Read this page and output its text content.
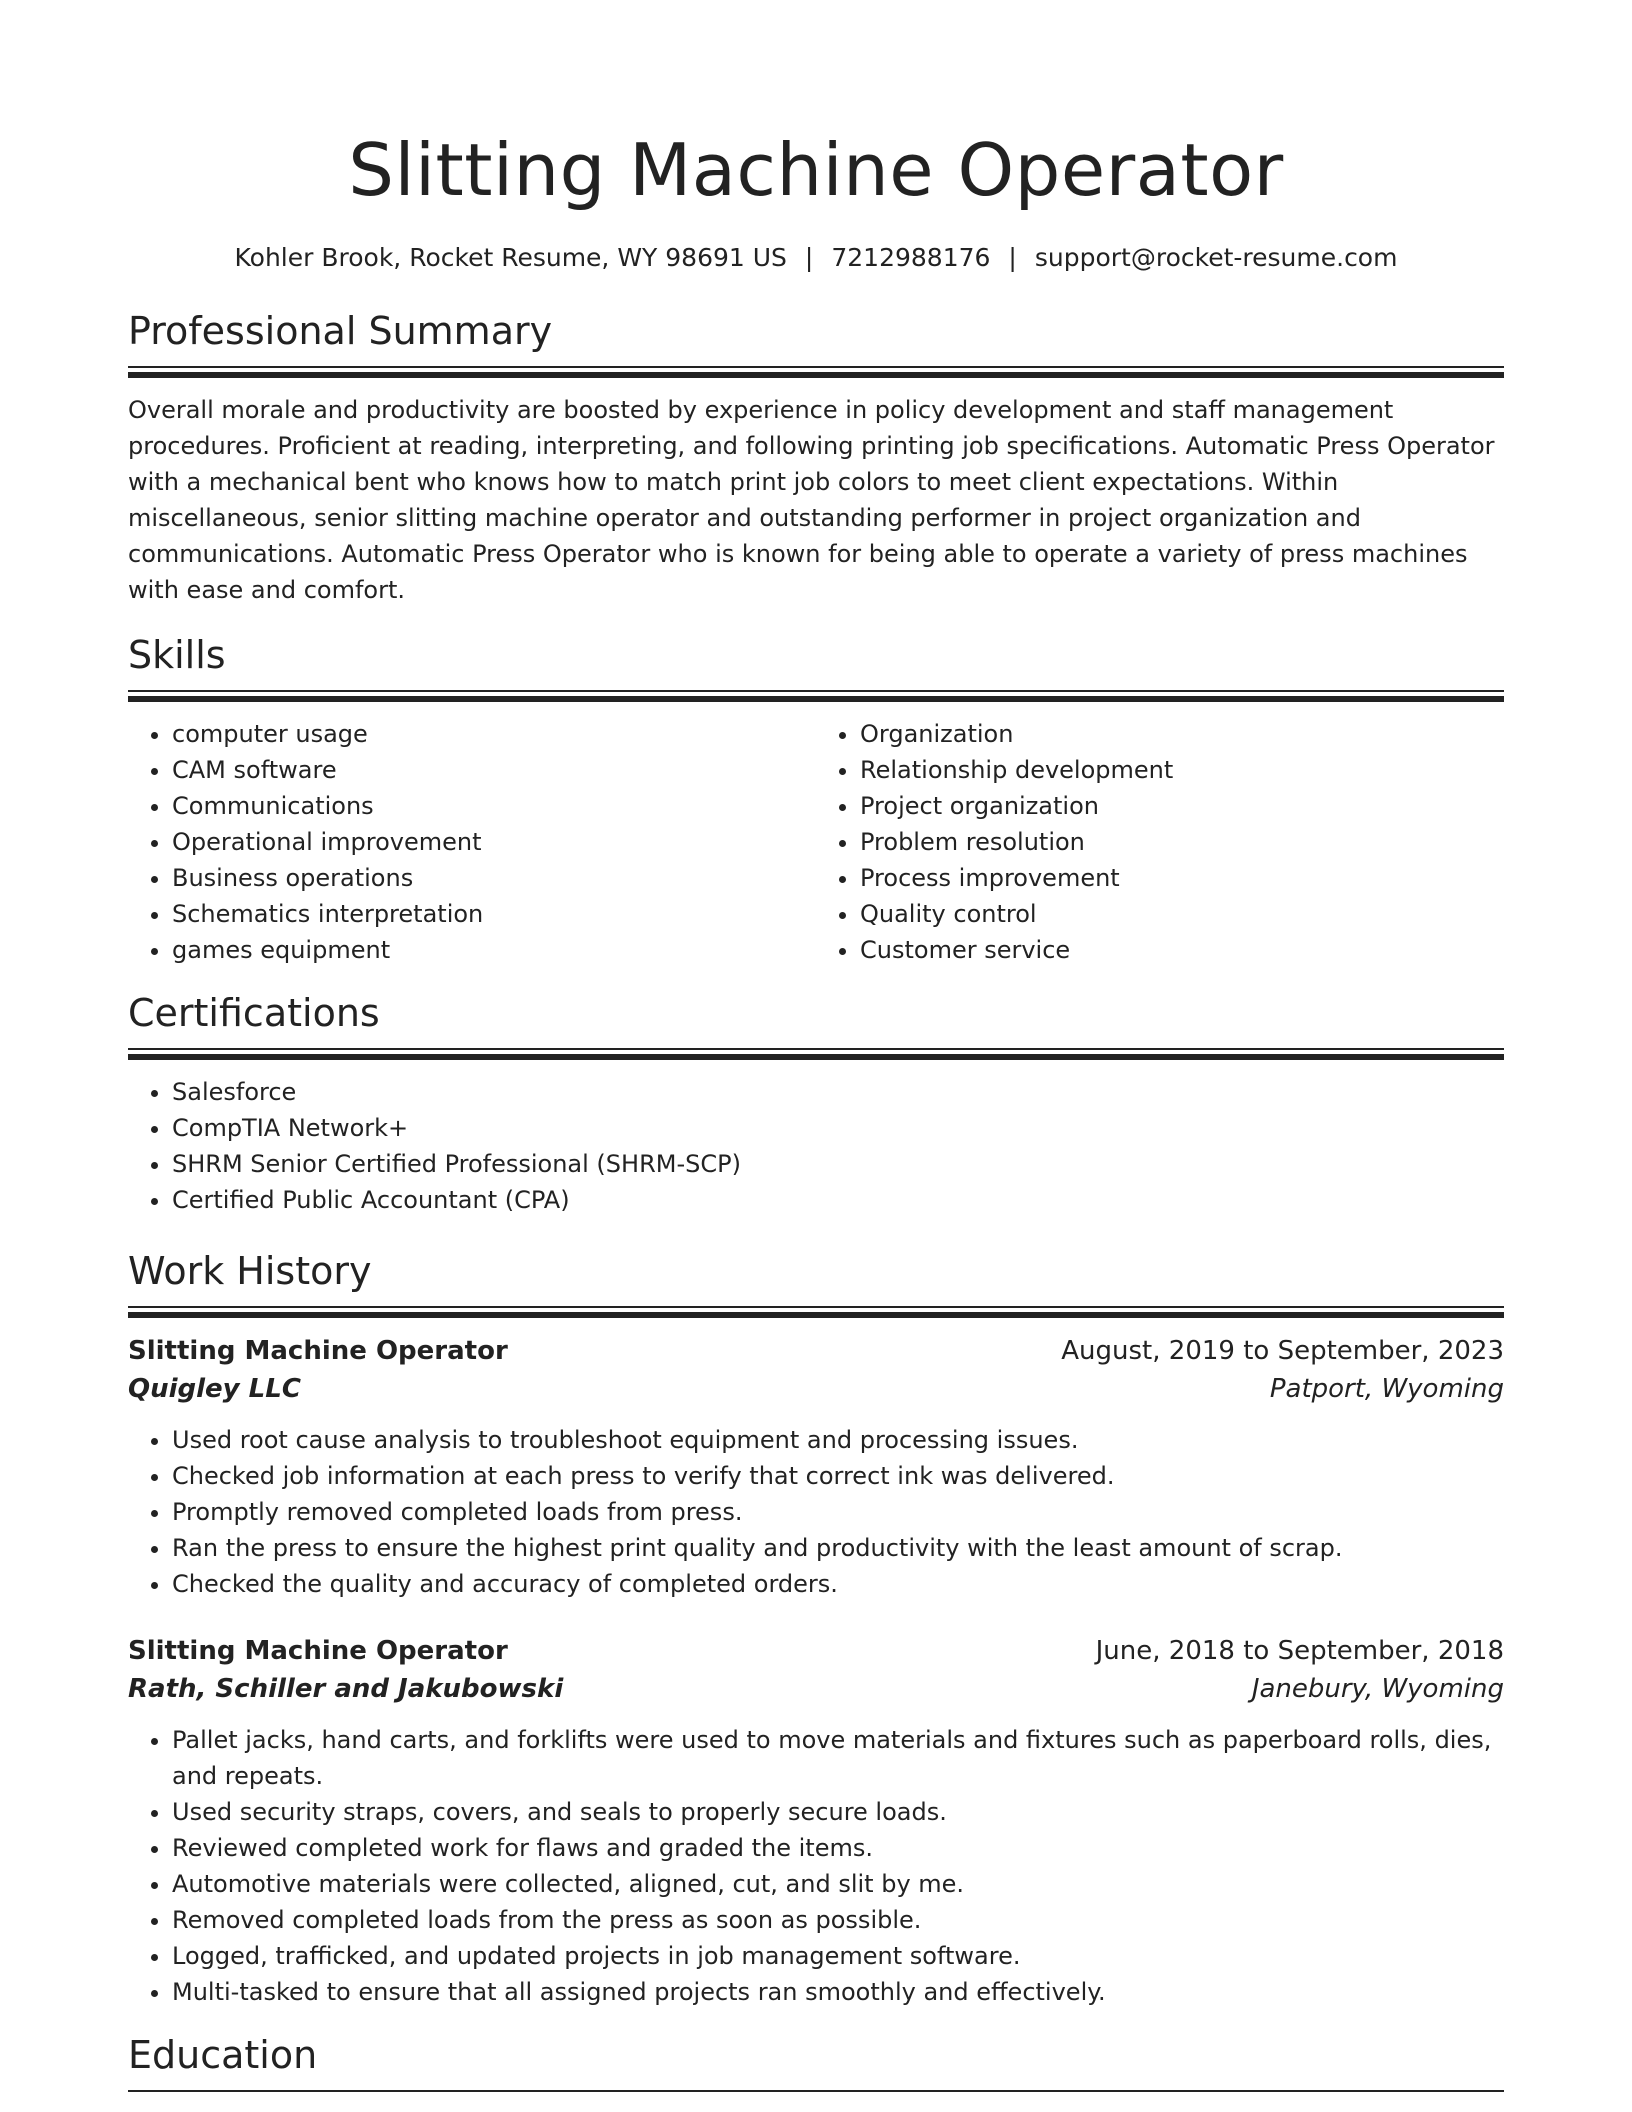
Slitting Machine Operator
Kohler Brook, Rocket Resume, WY 98691 US | 7212988176 | support@rocket-resume.com
Professional Summary

Overall morale and productivity are boosted by experience in policy development and staff management procedures. Proficient at reading, interpreting, and following printing job specifications. Automatic Press Operator with a mechanical bent who knows how to match print job colors to meet client expectations. Within miscellaneous, senior slitting machine operator and outstanding performer in project organization and communications. Automatic Press Operator who is known for being able to operate a variety of press machines with ease and comfort.

Skills
• computer usage
• CAM software
• Communications
• Operational improvement
• Business operations
• Schematics interpretation
• games equipment
• Organization
• Relationship development
• Project organization
• Problem resolution
• Process improvement
• Quality control
• Customer service
Certifications
• Salesforce
• CompTIA Network+
• SHRM Senior Certified Professional (SHRM-SCP)
• Certified Public Accountant (CPA)
Work History
Slitting Machine Operator	August, 2019 to September, 2023
Quigley LLC	Patport, Wyoming
• Used root cause analysis to troubleshoot equipment and processing issues.
• Checked job information at each press to verify that correct ink was delivered.
• Promptly removed completed loads from press.
• Ran the press to ensure the highest print quality and productivity with the least amount of scrap.
• Checked the quality and accuracy of completed orders.
Slitting Machine Operator	June, 2018 to September, 2018
Rath, Schiller and Jakubowski	Janebury, Wyoming
• Pallet jacks, hand carts, and forklifts were used to move materials and fixtures such as paperboard rolls, dies, and repeats.
• Used security straps, covers, and seals to properly secure loads.
• Reviewed completed work for flaws and graded the items.
• Automotive materials were collected, aligned, cut, and slit by me.
• Removed completed loads from the press as soon as possible.
• Logged, trafficked, and updated projects in job management software.
• Multi-tasked to ensure that all assigned projects ran smoothly and effectively.
Education
